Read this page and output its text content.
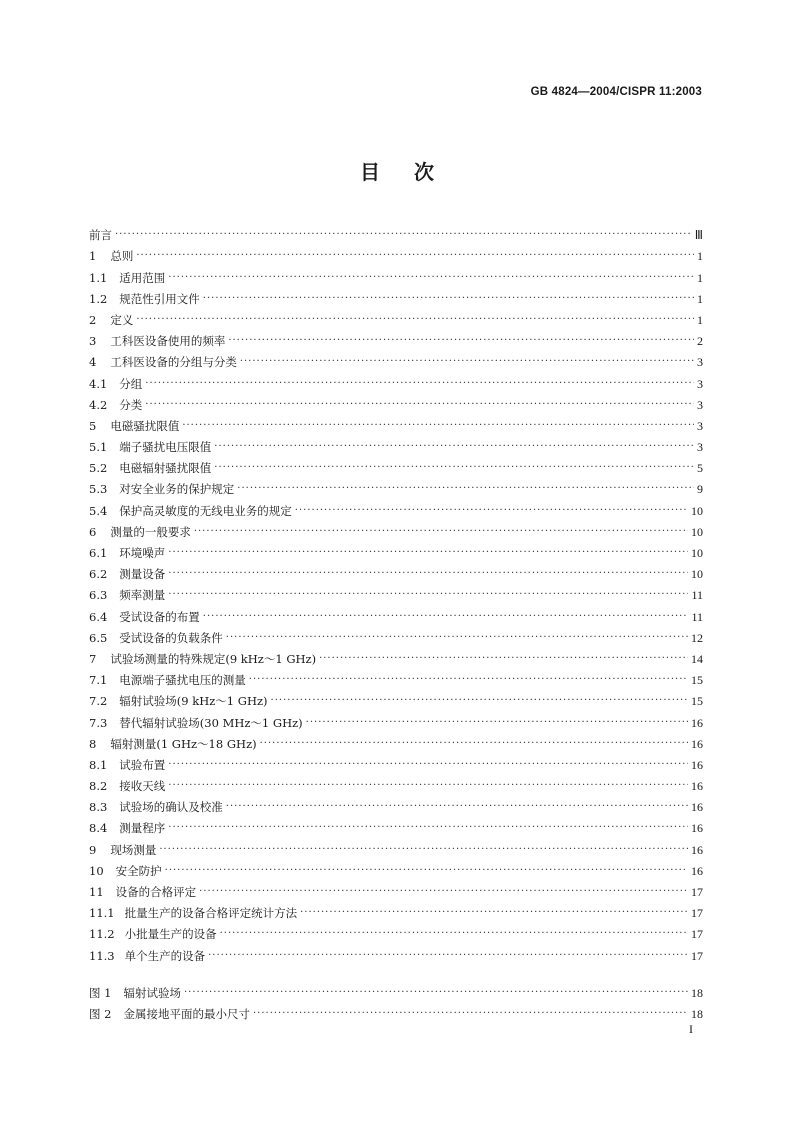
GB 4824—2004/CISPR 11:2003
目次
前言 ·····	Ⅲ
1 总则 ·····	1
1.1 适用范围 ·····	1
1.2 规范性引用文件 ·····	1
2 定义 ·····	1
3 工科医设备使用的频率 ·····	2
4 工科医设备的分组与分类 ·····	3
4.1 分组 ·····	3
4.2 分类 ·····	3
5 电磁骚扰限值 ·····	3
5.1 端子骚扰电压限值 ·····	3
5.2 电磁辐射骚扰限值 ·····	5
5.3 对安全业务的保护规定 ·····	9
5.4 保护高灵敏度的无线电业务的规定 ·····	10
6 测量的一般要求 ·····	10
6.1 环境噪声 ·····	10
6.2 测量设备 ·····	10
6.3 频率测量 ·····	11
6.4 受试设备的布置 ·····	11
6.5 受试设备的负载条件 ·····	12
7 试验场测量的特殊规定(9 kHz～1 GHz) ·····	14
7.1 电源端子骚扰电压的测量 ·····	15
7.2 辐射试验场(9 kHz～1 GHz) ·····	15
7.3 替代辐射试验场(30 MHz～1 GHz) ·····	16
8 辐射测量(1 GHz～18 GHz) ·····	16
8.1 试验布置 ·····	16
8.2 接收天线 ·····	16
8.3 试验场的确认及校准 ·····	16
8.4 测量程序 ·····	16
9 现场测量 ·····	16
10 安全防护 ·····	16
11 设备的合格评定 ·····	17
11.1 批量生产的设备合格评定统计方法 ·····	17
11.2 小批量生产的设备 ·····	17
11.3 单个生产的设备 ·····	17
图 1 辐射试验场 ·····	18
图 2 金属接地平面的最小尺寸 ·····	18
I
